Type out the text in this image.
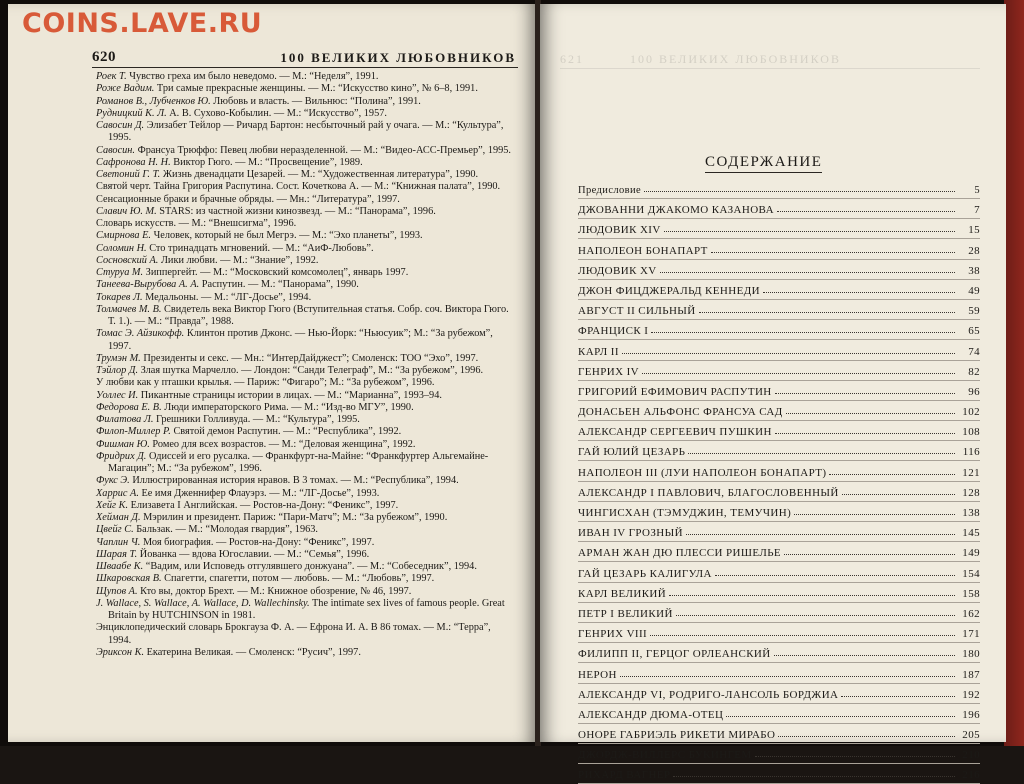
620	100 ВЕЛИКИХ ЛЮБОВНИКОВ
Роек Т. Чувство греха им было неведомо. — М.: “Неделя”, 1991.
Роже Вадим. Три самые прекрасные женщины. — М.: “Искусство кино”, № 6–8, 1991.
Романов В., Лубченков Ю. Любовь и власть. — Вильнюс: “Полина”, 1991.
Рудницкий К. Л. А. В. Сухово-Кобылин. — М.: “Искусство”, 1957.
Савосин Д. Элизабет Тейлор — Ричард Бартон: несбыточный рай у очага. — М.: “Культура”, 1995.
Савосин. Франсуа Трюффо: Певец любви неразделенной. — М.: “Видео-АСС-Премьер”, 1995.
Сафронова Н. Н. Виктор Гюго. — М.: “Просвещение”, 1989.
Светоний Г. Т. Жизнь двенадцати Цезарей. — М.: “Художественная литература”, 1990.
Святой черт. Тайна Григория Распутина. Сост. Кочеткова А. — М.: “Книжная палата”, 1990.
Сенсационные браки и брачные обряды. — Мн.: “Литература”, 1997.
Славич Ю. М. STARS: из частной жизни кинозвезд. — М.: “Панорама”, 1996.
Словарь искусств. — М.: “Внешсигма”, 1996.
Смирнова Е. Человек, который не был Мегрэ. — М.: “Эхо планеты”, 1993.
Соломин Н. Сто тринадцать мгновений. — М.: “АиФ-Любовь”.
Сосновский А. Лики любви. — М.: “Знание”, 1992.
Стуруа М. Зиппергейт. — М.: “Московский комсомолец”, январь 1997.
Танеева-Вырубова А. А. Распутин. — М.: “Панорама”, 1990.
Токарев Л. Медальоны. — М.: “ЛГ-Досье”, 1994.
Толмачев М. В. Свидетель века Виктор Гюго (Вступительная статья. Собр. соч. Виктора Гюго. Т. 1.). — М.: “Правда”, 1988.
Томас Э. Айзикофф. Клинтон против Джонс. — Нью-Йорк: “Ньюсуик”; М.: “За рубежом”, 1997.
Трумэн М. Президенты и секс. — Мн.: “ИнтерДайджест”; Смоленск: ТОО “Эхо”, 1997.
Тэйлор Д. Злая шутка Марчелло. — Лондон: “Санди Телеграф”, М.: “За рубежом”, 1996.
У любви как у пташки крылья. — Париж: “Фигаро”; М.: “За рубежом”, 1996.
Уоллес И. Пикантные страницы истории в лицах. — М.: “Марианна”, 1993–94.
Федорова Е. В. Люди императорского Рима. — М.: “Изд-во МГУ”, 1990.
Филатова Л. Грешники Голливуда. — М.: “Культура”, 1995.
Филоп-Миллер Р. Святой демон Распутин. — М.: “Республика”, 1992.
Фишман Ю. Ромео для всех возрастов. — М.: “Деловая женщина”, 1992.
Фридрих Д. Одиссей и его русалка. — Франкфурт-на-Майне: “Франкфуртер Альгемайне-Магацин”; М.: “За рубежом”, 1996.
Фукс Э. Иллюстрированная история нравов. В 3 томах. — М.: “Республика”, 1994.
Харрис А. Ее имя Дженнифер Флауэрз. — М.: “ЛГ-Досье”, 1993.
Хейг К. Елизавета I Английская. — Ростов-на-Дону: “Феникс”, 1997.
Хейман Д. Мэрилин и президент. Париж: “Пари-Матч”; М.: “За рубежом”, 1990.
Цвейг С. Бальзак. — М.: “Молодая гвардия”, 1963.
Чаплин Ч. Моя биография. — Ростов-на-Дону: “Феникс”, 1997.
Шарая Т. Йованка — вдова Югославии. — М.: “Семья”, 1996.
Шваабе К. “Вадим, или Исповедь отгулявшего донжуана”. — М.: “Собеседник”, 1994.
Шкаровская В. Спагетти, спагетти, потом — любовь. — М.: “Любовь”, 1997.
Щупов А. Кто вы, доктор Брехт. — М.: Книжное обозрение, № 46, 1997.
J. Wallace, S. Wallace, A. Wallace, D. Wallechinsky. The intimate sex lives of famous people. Great Britain by HUTCHINSON in 1981.
Энциклопедический словарь Брокгауза Ф. А. — Ефрона И. А. В 86 томах. — М.: “Терра”, 1994.
Эриксон К. Екатерина Великая. — Смоленск: “Русич”, 1997.
621	100 ВЕЛИКИХ ЛЮБОВНИКОВ
СОДЕРЖАНИЕ
Предисловие	5
ДЖОВАННИ ДЖАКОМО КАЗАНОВА	7
ЛЮДОВИК XIV	15
НАПОЛЕОН БОНАПАРТ	28
ЛЮДОВИК XV	38
ДЖОН ФИЦДЖЕРАЛЬД КЕННЕДИ	49
АВГУСТ II СИЛЬНЫЙ	59
ФРАНЦИСК I	65
КАРЛ II	74
ГЕНРИХ IV	82
ГРИГОРИЙ ЕФИМОВИЧ РАСПУТИН	96
ДОНАСЬЕН АЛЬФОНС ФРАНСУА САД	102
АЛЕКСАНДР СЕРГЕЕВИЧ ПУШКИН	108
ГАЙ ЮЛИЙ ЦЕЗАРЬ	116
НАПОЛЕОН III (ЛУИ НАПОЛЕОН БОНАПАРТ)	121
АЛЕКСАНДР I ПАВЛОВИЧ, БЛАГОСЛОВЕННЫЙ	128
ЧИНГИСХАН (ТЭМУДЖИН, ТЕМУЧИН)	138
ИВАН IV ГРОЗНЫЙ	145
АРМАН ЖАН ДЮ ПЛЕССИ РИШЕЛЬЕ	149
ГАЙ ЦЕЗАРЬ КАЛИГУЛА	154
КАРЛ ВЕЛИКИЙ	158
ПЕТР I ВЕЛИКИЙ	162
ГЕНРИХ VIII	171
ФИЛИПП II, ГЕРЦОГ ОРЛЕАНСКИЙ	180
НЕРОН	187
АЛЕКСАНДР VI, РОДРИГО-ЛАНСОЛЬ БОРДЖИА	192
АЛЕКСАНДР ДЮМА-ОТЕЦ	196
ОНОРЕ ГАБРИЭЛЬ РИКЕТИ МИРАБО	205
ДЖОРДЖ-ВИЛЛЕРС БУКИНГЕМ	210
РИХАРД ВАГНЕР	216
COINS.LAVE.RU
